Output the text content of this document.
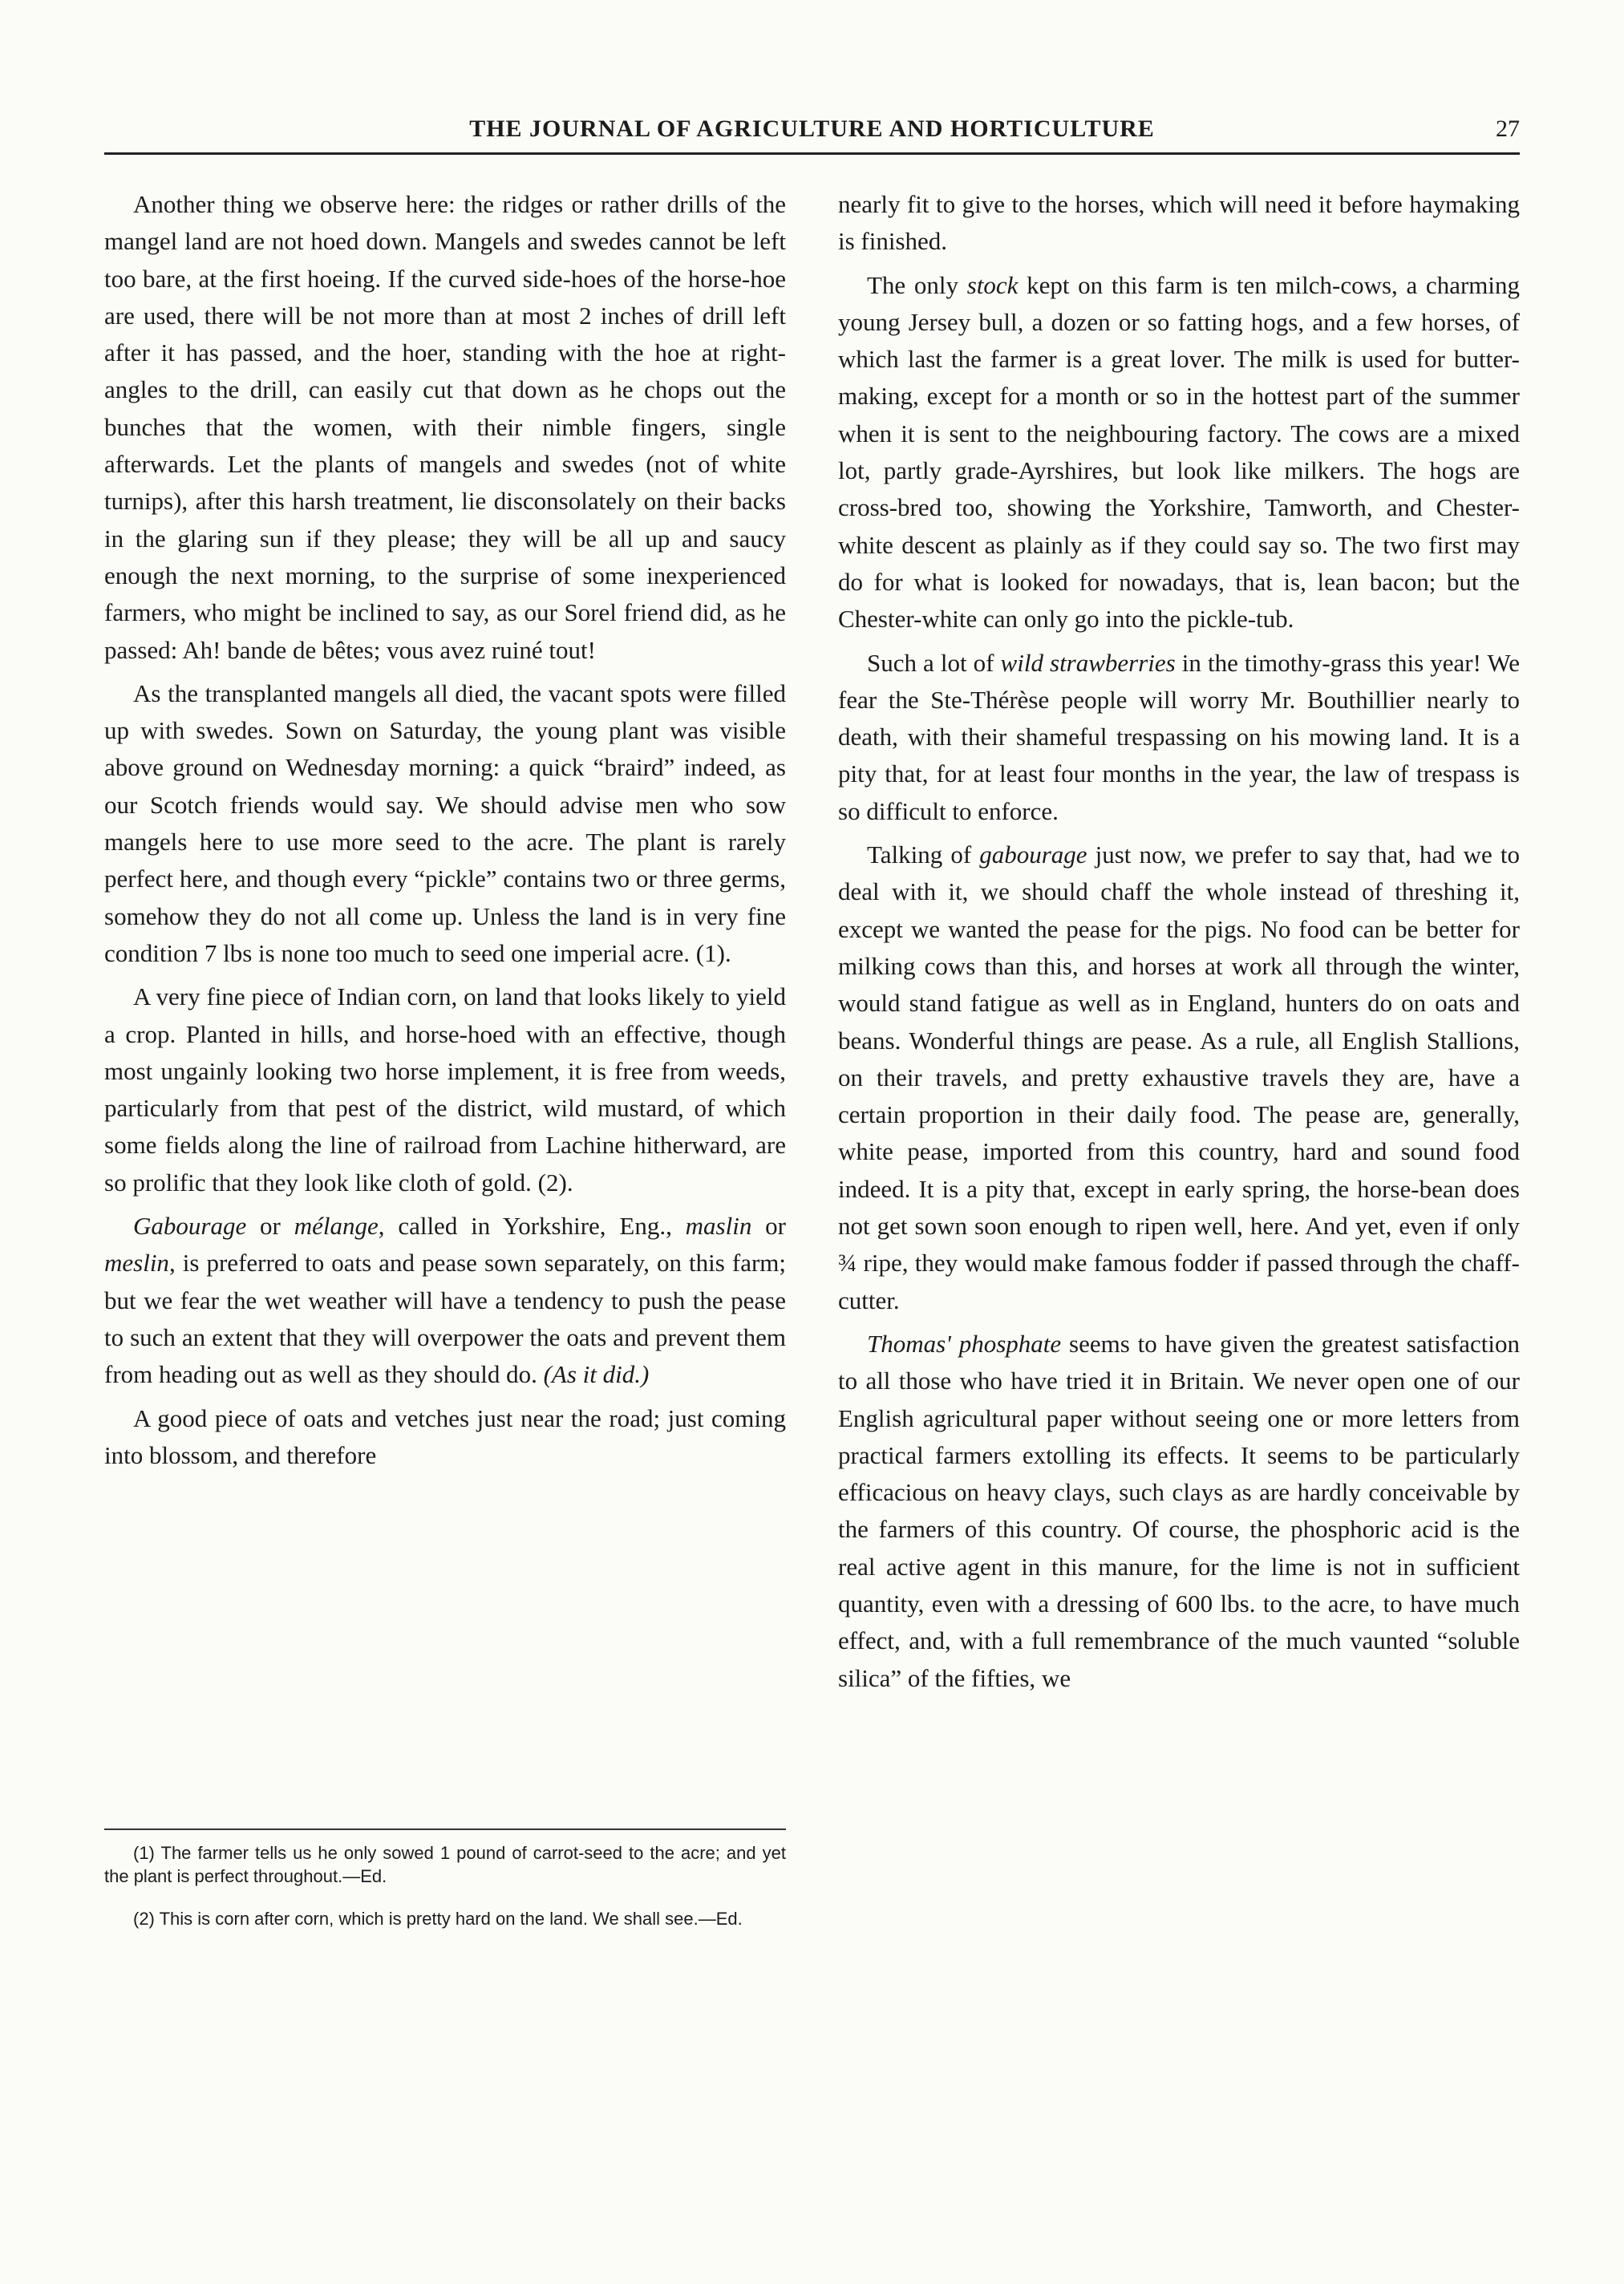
THE JOURNAL OF AGRICULTURE AND HORTICULTURE	27

Another thing we observe here: the ridges or rather drills of the mangel land are not hoed down. Mangels and swedes cannot be left too bare, at the first hoeing. If the curved side-hoes of the horse-hoe are used, there will be not more than at most 2 inches of drill left after it has passed, and the hoer, standing with the hoe at right-angles to the drill, can easily cut that down as he chops out the bunches that the women, with their nimble fingers, single afterwards. Let the plants of mangels and swedes (not of white turnips), after this harsh treatment, lie disconsolately on their backs in the glaring sun if they please; they will be all up and saucy enough the next morning, to the surprise of some inexperienced farmers, who might be inclined to say, as our Sorel friend did, as he passed: Ah! bande de bêtes; vous avez ruiné tout!

As the transplanted mangels all died, the vacant spots were filled up with swedes. Sown on Saturday, the young plant was visible above ground on Wednesday morning: a quick “braird” indeed, as our Scotch friends would say. We should advise men who sow mangels here to use more seed to the acre. The plant is rarely perfect here, and though every “pickle” contains two or three germs, somehow they do not all come up. Unless the land is in very fine condition 7 lbs is none too much to seed one imperial acre. (1).

A very fine piece of Indian corn, on land that looks likely to yield a crop. Planted in hills, and horse-hoed with an effective, though most ungainly looking two horse implement, it is free from weeds, particularly from that pest of the district, wild mustard, of which some fields along the line of railroad from Lachine hitherward, are so prolific that they look like cloth of gold. (2).

Gabourage or mélange, called in Yorkshire, Eng., maslin or meslin, is preferred to oats and pease sown separately, on this farm; but we fear the wet weather will have a tendency to push the pease to such an extent that they will overpower the oats and prevent them from heading out as well as they should do. (As it did.)

A good piece of oats and vetches just near the road; just coming into blossom, and therefore

(1) The farmer tells us he only sowed 1 pound of carrot-seed to the acre; and yet the plant is perfect throughout.—Ed.

(2) This is corn after corn, which is pretty hard on the land. We shall see.—Ed.

nearly fit to give to the horses, which will need it before haymaking is finished.

The only stock kept on this farm is ten milch-cows, a charming young Jersey bull, a dozen or so fatting hogs, and a few horses, of which last the farmer is a great lover. The milk is used for butter-making, except for a month or so in the hottest part of the summer when it is sent to the neighbouring factory. The cows are a mixed lot, partly grade-Ayrshires, but look like milkers. The hogs are cross-bred too, showing the Yorkshire, Tamworth, and Chester-white descent as plainly as if they could say so. The two first may do for what is looked for nowadays, that is, lean bacon; but the Chester-white can only go into the pickle-tub.

Such a lot of wild strawberries in the timothy-grass this year! We fear the Ste-Thérèse people will worry Mr. Bouthillier nearly to death, with their shameful trespassing on his mowing land. It is a pity that, for at least four months in the year, the law of trespass is so difficult to enforce.

Talking of gabourage just now, we prefer to say that, had we to deal with it, we should chaff the whole instead of threshing it, except we wanted the pease for the pigs. No food can be better for milking cows than this, and horses at work all through the winter, would stand fatigue as well as in England, hunters do on oats and beans. Wonderful things are pease. As a rule, all English Stallions, on their travels, and pretty exhaustive travels they are, have a certain proportion in their daily food. The pease are, generally, white pease, imported from this country, hard and sound food indeed. It is a pity that, except in early spring, the horse-bean does not get sown soon enough to ripen well, here. And yet, even if only ¾ ripe, they would make famous fodder if passed through the chaff-cutter.

Thomas' phosphate seems to have given the greatest satisfaction to all those who have tried it in Britain. We never open one of our English agricultural paper without seeing one or more letters from practical farmers extolling its effects. It seems to be particularly efficacious on heavy clays, such clays as are hardly conceivable by the farmers of this country. Of course, the phosphoric acid is the real active agent in this manure, for the lime is not in sufficient quantity, even with a dressing of 600 lbs. to the acre, to have much effect, and, with a full remembrance of the much vaunted “soluble silica” of the fifties, we
